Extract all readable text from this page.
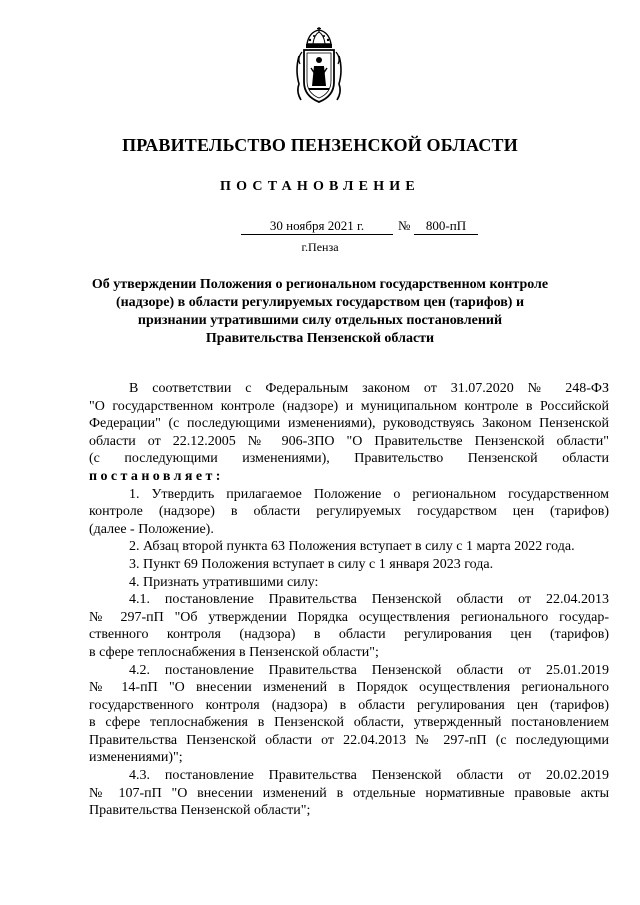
ПРАВИТЕЛЬСТВО ПЕНЗЕНСКОЙ ОБЛАСТИ
ПОСТАНОВЛЕНИЕ
30 ноября 2021 г.	№	800-пП
г.Пенза
Об утверждении Положения о региональном государственном контроле
(надзоре) в области регулируемых государством цен (тарифов) и
признании утратившими силу отдельных постановлений
Правительства Пензенской области
В соответствии с Федеральным законом от 31.07.2020 № 248-ФЗ
"О государственном контроле (надзоре) и муниципальном контроле в Российской
Федерации" (с последующими изменениями), руководствуясь Законом Пензенской
области от 22.12.2005 № 906-ЗПО "О Правительстве Пензенской области"
(с последующими изменениями), Правительство Пензенской области
постановляет:
1. Утвердить прилагаемое Положение о региональном государственном
контроле (надзоре) в области регулируемых государством цен (тарифов)
(далее - Положение).
2. Абзац второй пункта 63 Положения вступает в силу с 1 марта 2022 года.
3. Пункт 69 Положения вступает в силу с 1 января 2023 года.
4. Признать утратившими силу:
4.1. постановление Правительства Пензенской области от 22.04.2013
№ 297-пП "Об утверждении Порядка осуществления регионального государ-
ственного контроля (надзора) в области регулирования цен (тарифов)
в сфере теплоснабжения в Пензенской области";
4.2. постановление Правительства Пензенской области от 25.01.2019
№ 14-пП "О внесении изменений в Порядок осуществления регионального
государственного контроля (надзора) в области регулирования цен (тарифов)
в сфере теплоснабжения в Пензенской области, утвержденный постановлением
Правительства Пензенской области от 22.04.2013 № 297-пП (с последующими
изменениями)";
4.3. постановление Правительства Пензенской области от 20.02.2019
№ 107-пП "О внесении изменений в отдельные нормативные правовые акты
Правительства Пензенской области";
